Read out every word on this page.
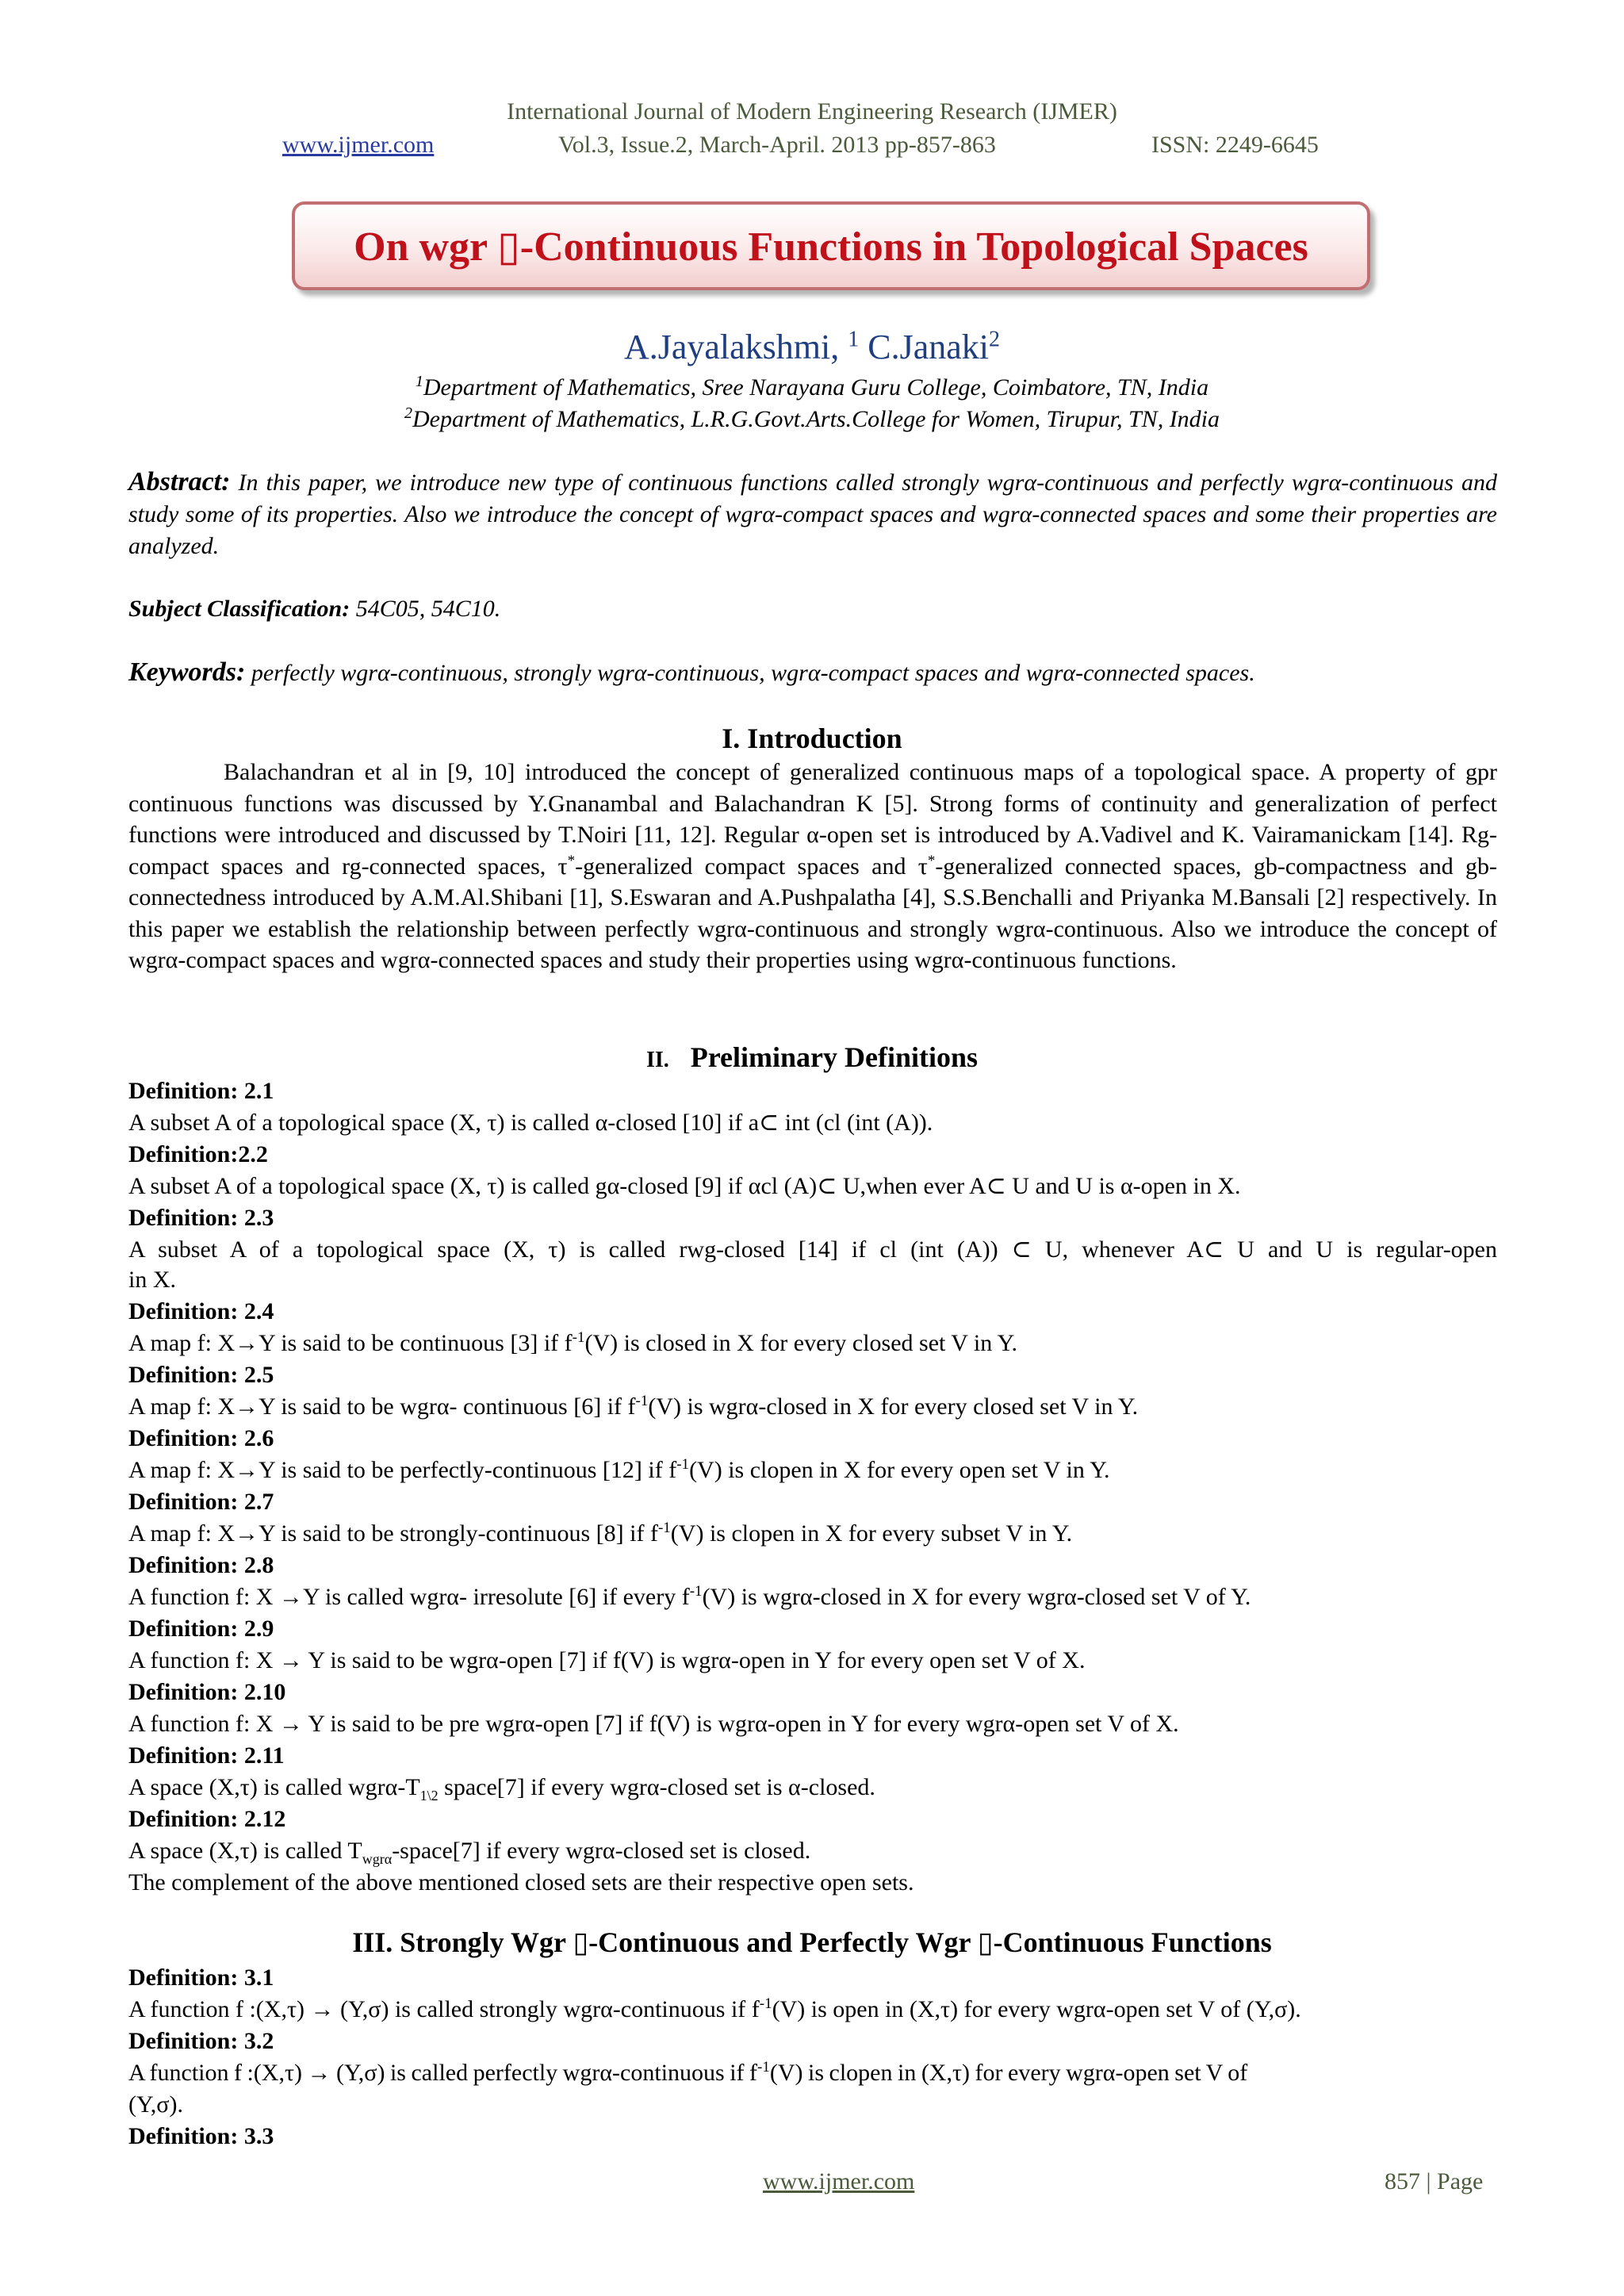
International Journal of Modern Engineering Research (IJMER)
www.ijmer.com	Vol.3, Issue.2, March-April. 2013 pp-857-863	ISSN: 2249-6645
On wgr ▯-Continuous Functions in Topological Spaces
A.Jayalakshmi, $^1$ C.Janaki$^2$
$^1$Department of Mathematics, Sree Narayana Guru College, Coimbatore, TN, India
$^2$Department of Mathematics, L.R.G.Govt.Arts.College for Women, Tirupur, TN, India
Abstract: In this paper, we introduce new type of continuous functions called strongly wgrα-continuous and perfectly wgrα-continuous and study some of its properties. Also we introduce the concept of wgrα-compact spaces and wgrα-connected spaces and some their properties are analyzed.
Subject Classification: 54C05, 54C10.
Keywords: perfectly wgrα-continuous, strongly wgrα-continuous, wgrα-compact spaces and wgrα-connected spaces.
I. Introduction
Balachandran et al in [9, 10] introduced the concept of generalized continuous maps of a topological space. A property of gpr continuous functions was discussed by Y.Gnanambal and Balachandran K [5]. Strong forms of continuity and generalization of perfect functions were introduced and discussed by T.Noiri [11, 12]. Regular α-open set is introduced by A.Vadivel and K. Vairamanickam [14]. Rg-compact spaces and rg-connected spaces, τ*-generalized compact spaces and τ*-generalized connected spaces, gb-compactness and gb-connectedness introduced by A.M.Al.Shibani [1], S.Eswaran and A.Pushpalatha [4], S.S.Benchalli and Priyanka M.Bansali [2] respectively. In this paper we establish the relationship between perfectly wgrα-continuous and strongly wgrα-continuous. Also we introduce the concept of wgrα-compact spaces and wgrα-connected spaces and study their properties using wgrα-continuous functions.
II. Preliminary Definitions
Definition: 2.1
A subset A of a topological space (X, τ) is called α-closed [10] if a⊂ int (cl (int (A)).
Definition:2.2
A subset A of a topological space (X, τ) is called gα-closed [9] if αcl (A)⊂ U,when ever A⊂ U and U is α-open in X.
Definition: 2.3
A subset A of a topological space (X, τ) is called rwg-closed [14] if cl (int (A)) ⊂ U, whenever A⊂ U and U is regular-open
in X.
Definition: 2.4
A map f: X→Y is said to be continuous [3] if $f^{-1}(V)$ is closed in X for every closed set V in Y.
Definition: 2.5
A map f: X→Y is said to be wgrα- continuous [6] if $f^{-1}(V)$ is wgrα-closed in X for every closed set V in Y.
Definition: 2.6
A map f: X→Y is said to be perfectly-continuous [12] if $f^{-1}(V)$ is clopen in X for every open set V in Y.
Definition: 2.7
A map f: X→Y is said to be strongly-continuous [8] if $f^{-1}(V)$ is clopen in X for every subset V in Y.
Definition: 2.8
A function f: X →Y is called wgrα- irresolute [6] if every $f^{-1}(V)$ is wgrα-closed in X for every wgrα-closed set V of Y.
Definition: 2.9
A function f: X → Y is said to be wgrα-open [7] if f(V) is wgrα-open in Y for every open set V of X.
Definition: 2.10
A function f: X → Y is said to be pre wgrα-open [7] if f(V) is wgrα-open in Y for every wgrα-open set V of X.
Definition: 2.11
A space (X,τ) is called wgrα-$T_{1\backslash 2}$ space[7] if every wgrα-closed set is α-closed.
Definition: 2.12
A space (X,τ) is called $T_{wgr\alpha}-space[7]$ if every wgrα-closed set is closed.
The complement of the above mentioned closed sets are their respective open sets.
III. Strongly Wgr ▯-Continuous and Perfectly Wgr ▯-Continuous Functions
Definition: 3.1
A function f :(X,τ) → (Y,σ) is called strongly wgrα-continuous if $f^{-1}(V)$ is open in (X,τ) for every wgrα-open set V of (Y,σ).
Definition: 3.2
A function f :(X,τ) → (Y,σ) is called perfectly wgrα-continuous if $f^{-1}(V)$ is clopen in (X,τ) for every wgrα-open set V of
(Y,σ).
Definition: 3.3
www.ijmer.com	857 | Page
